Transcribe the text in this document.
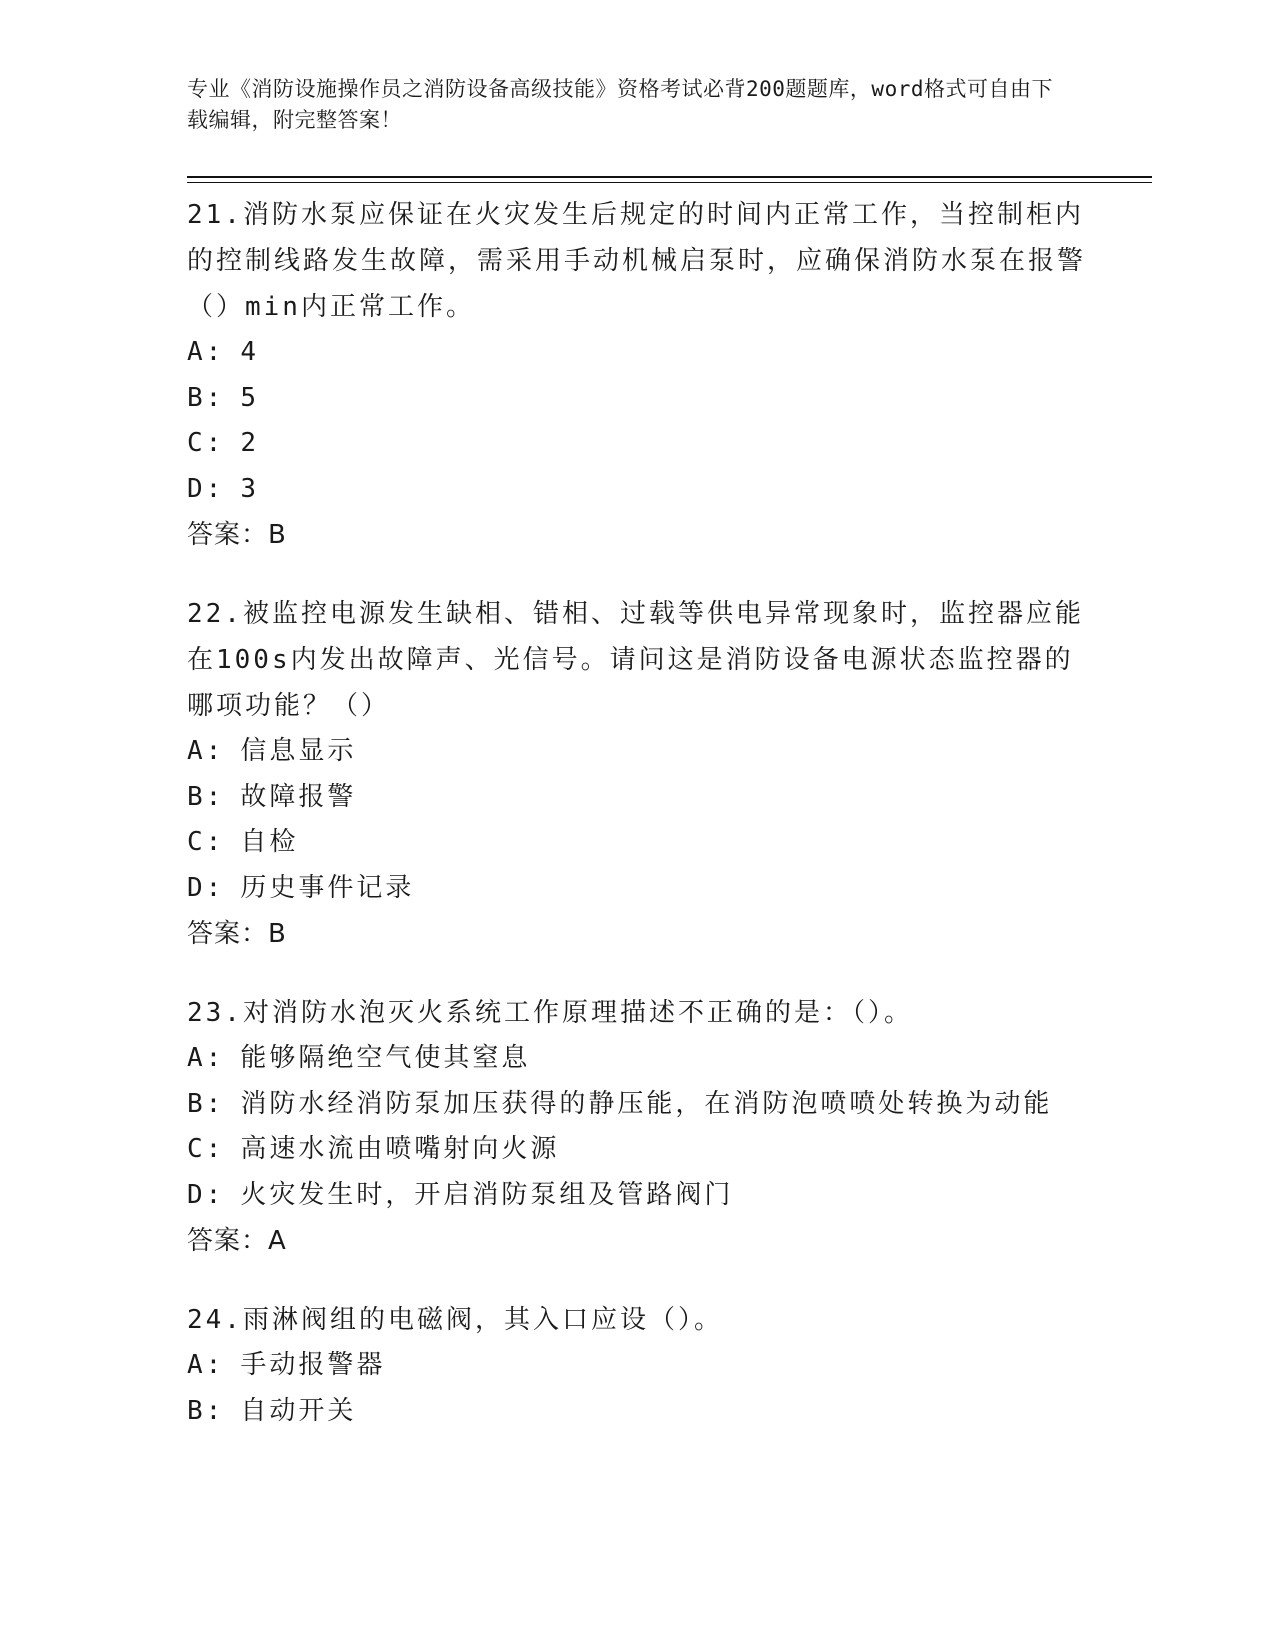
专业《消防设施操作员之消防设备高级技能》资格考试必背200题题库，word格式可自由下载编辑，附完整答案！
21.消防水泵应保证在火灾发生后规定的时间内正常工作，当控制柜内的控制线路发生故障，需采用手动机械启泵时，应确保消防水泵在报警（）min内正常工作。
A: 4
B: 5
C: 2
D: 3
答案：B
22.被监控电源发生缺相、错相、过载等供电异常现象时，监控器应能在100s内发出故障声、光信号。请问这是消防设备电源状态监控器的哪项功能？（）
A: 信息显示
B: 故障报警
C: 自检
D: 历史事件记录
答案：B
23.对消防水泡灭火系统工作原理描述不正确的是：（）。
A: 能够隔绝空气使其窒息
B: 消防水经消防泵加压获得的静压能，在消防泡喷喷处转换为动能
C: 高速水流由喷嘴射向火源
D: 火灾发生时，开启消防泵组及管路阀门
答案：A
24.雨淋阀组的电磁阀，其入口应设（）。
A: 手动报警器
B: 自动开关
